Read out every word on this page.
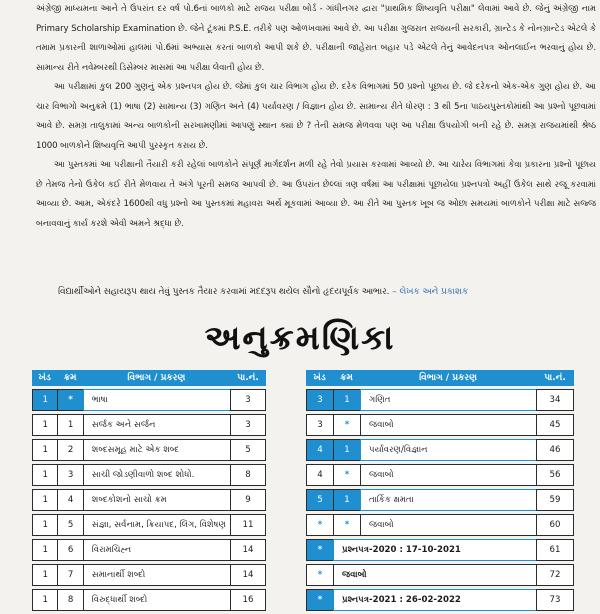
અંગ્રેજી માધ્યમના આને તે ઉપરાંત દર વર્ષ પો.6નાં બાળકો માટે રાજય પરીક્ષા બોર્ડ - ગાંધીનગર દ્વારા "પ્રાથમિક શિષ્યવૃતિ પરીક્ષા" લેવામાં આવે છે. જેનું અંગ્રેજી નામ Primary Scholarship Examination છે. જેને ટૂંકમાં P.S.E. તરીકે પણ ઓળખવામાં આવે છે. આ પરીક્ષા ગુજરાત રાજયની સરકારી, ગ્રાન્ટેડ કે નોનગ્રાન્ટેડ એટલે કે તમામ પ્રકારની શાળાઓમાં હાલમાં પો.6માં અભ્યાસ કરતાં બાળકો આપી શકે છે. પરીક્ષાની જાહેરાત બહાર પડે એટલે તેનું આવેદનપત્ર ઓનલાઈન ભરવાનું હોય છે. સામાન્ય રીતે નવેમ્બરથી ડિસેમ્બર માસમાં આ પરીક્ષા લેવાતી હોય છે.

આ પરીક્ષામાં કુલ 200 ગુણનું એક પ્રશ્નપત્ર હોય છે. જેમાં કુલ ચાર વિભાગ હોય છે. દરેક વિભાગમાં 50 પ્રશ્નો પૂછાય છે. જે દરેકનો એક-એક ગુણ હોય છે. આ ચાર વિભાગો અનુક્રમે (1) ભાષા (2) સામાન્ય (3) ગણિત અને (4) પર્યાવરણ / વિજ્ઞાન હોય છે. સામાન્ય રીતે ધોરણ : 3 થી 5ના પાઠયપુસ્તકોમાંથી આ પ્રશ્નો પૂછવામાં આવે છે. સમગ્ર તાલુકામાં અન્ય બાળકોની સરખામણીમાં આપણું સ્થાન ક્યાં છે ? તેની સમજ મેળવવા પણ આ પરીક્ષા ઉપયોગી બની રહે છે. સમગ્ર રાજયમાંથી શ્રેષ્ઠ 1000 બાળકોને શિષ્યવૃત્તિ આપી પુરસ્કૃત કરાય છે.

આ પુસ્તકમાં આ પરીક્ષાની તૈયારી કરી રહેલાં બાળકોને સંપૂર્ણ માર્ગદર્શન મળી રહે તેવો પ્રયાસ કરવામાં આવ્યો છે. આ ચારેય વિભાગમાં કેવા પ્રકારના પ્રશ્નો પૂછાય છે તેમજ તેનો ઉકેલ કઈ રીતે મેળવાય તે અંગે પૂરતી સમજ આપવી છે. આ ઉપરાંત છેલ્લાં ત્રણ વર્ષમાં આ પરીક્ષામાં પૂછાયેલા પ્રશ્નપત્રો અહીં ઉકેલ સાથે રજૂ કરવામાં આવ્યા છે. આમ, એકંદરે 1600થી વધુ પ્રશ્નો આ પુસ્તકમાં મહાવરા અર્થે મૂકવામાં આવ્યા છે. આ રીતે આ પુસ્તક ખૂબ જ ઓછા સમયમાં બાળકોને પરીક્ષા માટે સજ્જ બનાવવાનું કાર્ય કરશે એવી અમને શ્રદ્ધા છે.

વિદ્યાર્થીઓને સહાયરૂપ થાય તેવું પુસ્તક તૈયાર કરવામાં મદદરૂપ થયેલ સૌનો હૃદયપૂર્વક આભાર. – લેખક અને પ્રકાશક
અનુક્રમણિકા
ખંડ	ક્રમ	વિભાગ / પ્રકરણ	પા.નં.
1	*	ભાષા	3
1	1	સર્જક અને સર્જન	3
1	2	શબ્દસમૂહ માટે એક શબ્દ	5
1	3	સાચી જોડણીવાળો શબ્દ શોધો.	8
1	4	શબ્દકોશનો સાચો ક્રમ	9
1	5	સંજ્ઞા, સર્વનામ, ક્રિયાપદ, લિંગ, વિશેષણ	11
1	6	વિરામચિહ્ન	14
1	7	સમાનાર્થી શબ્દો	14
1	8	વિરુદ્ધાર્થી શબ્દો	16
ખંડ	ક્રમ	વિભાગ / પ્રકરણ	પા.નં.
3	1	ગણિત	34
3	*	જવાબો	45
4	1	પર્યાવરણ/વિજ્ઞાન	46
4	*	જવાબો	56
5	1	તાર્કિક ક્ષમતા	59
*	*	જવાબો	60
*	પ્રશ્નપત્ર-2020 : 17-10-2021		61
*	જવાબો		72
*	પ્રશ્નપત્ર-2021 : 26-02-2022		73
